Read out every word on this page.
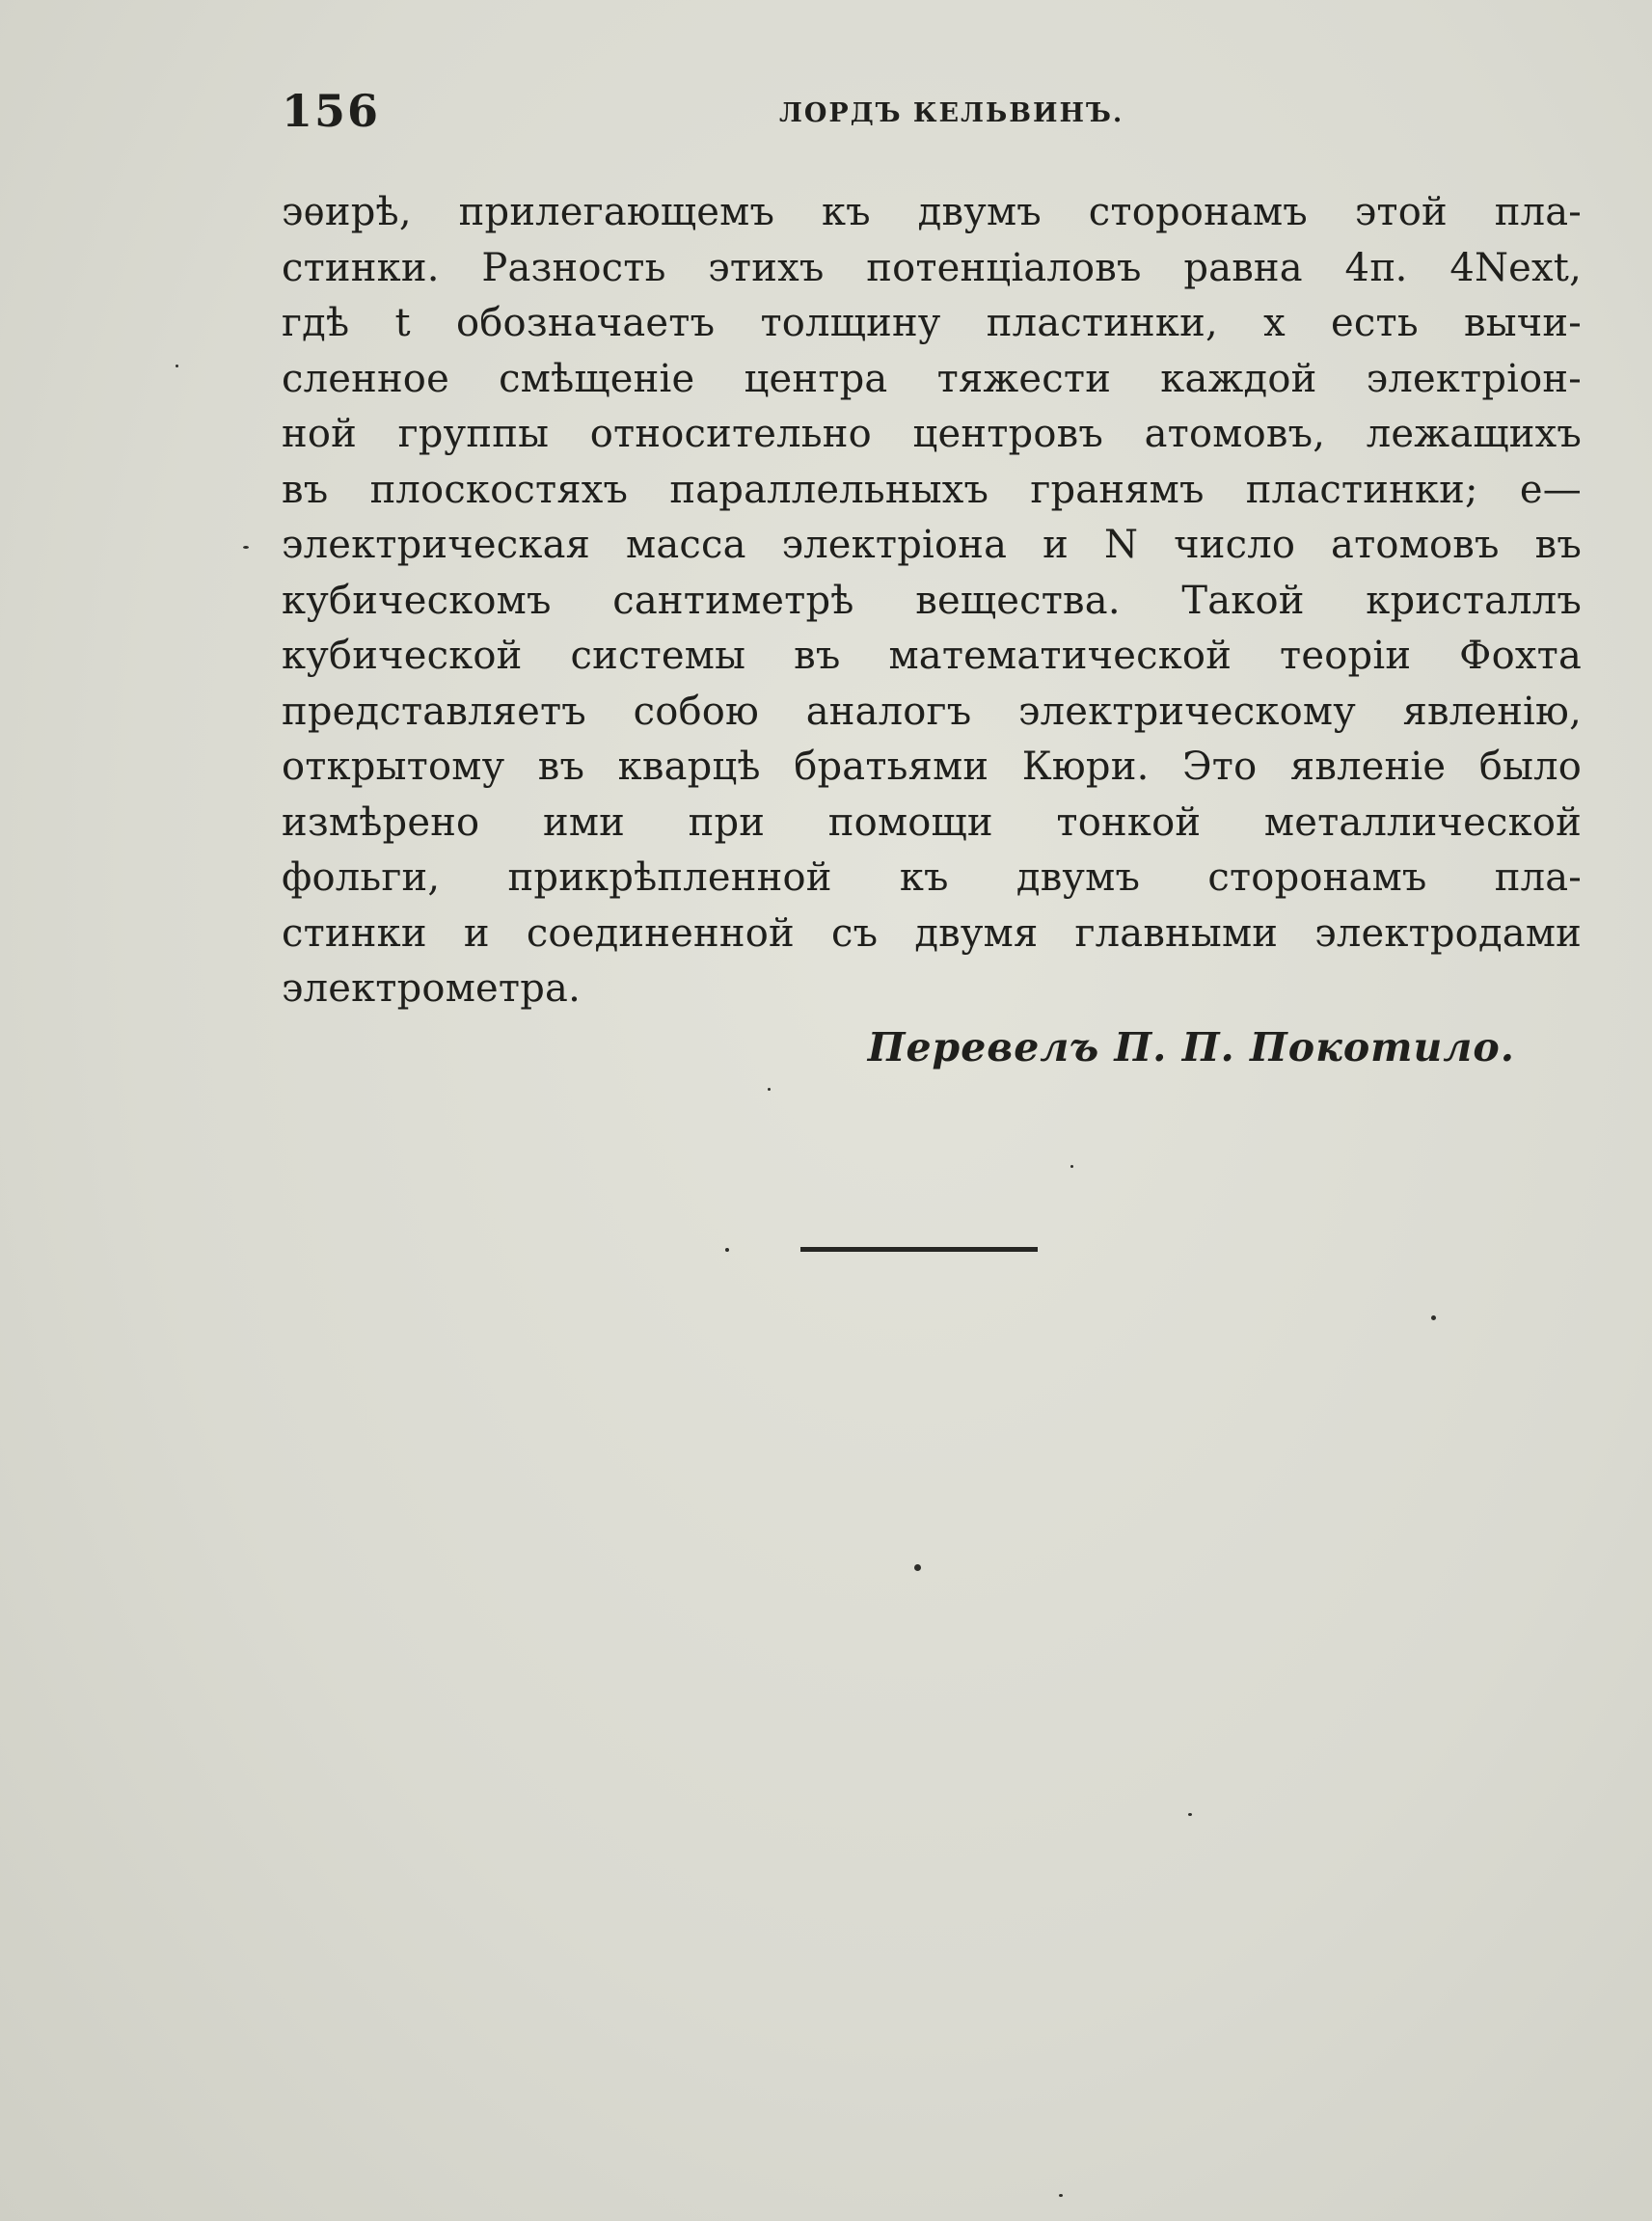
156	ЛОРДЪ КЕЛЬВИНЪ.
эѳирѣ, прилегающемъ къ двумъ сторонамъ этой пла-
стинки. Разность этихъ потенціаловъ равна 4π. 4Next,
гдѣ t обозначаетъ толщину пластинки, x есть вычи-
сленное смѣщеніе центра тяжести каждой электріон-
ной группы относительно центровъ атомовъ, лежащихъ
въ плоскостяхъ параллельныхъ гранямъ пластинки; e—
электрическая масса электріона и N число атомовъ въ
кубическомъ сантиметрѣ вещества. Такой кристаллъ
кубической системы въ математической теоріи Фохта
представляетъ собою аналогъ электрическому явленію,
открытому въ кварцѣ братьями Кюри. Это явленіе было
измѣрено ими при помощи тонкой металлической
фольги, прикрѣпленной къ двумъ сторонамъ пла-
стинки и соединенной съ двумя главными электродами
электрометра.
Перевелъ П. П. Покотило.
